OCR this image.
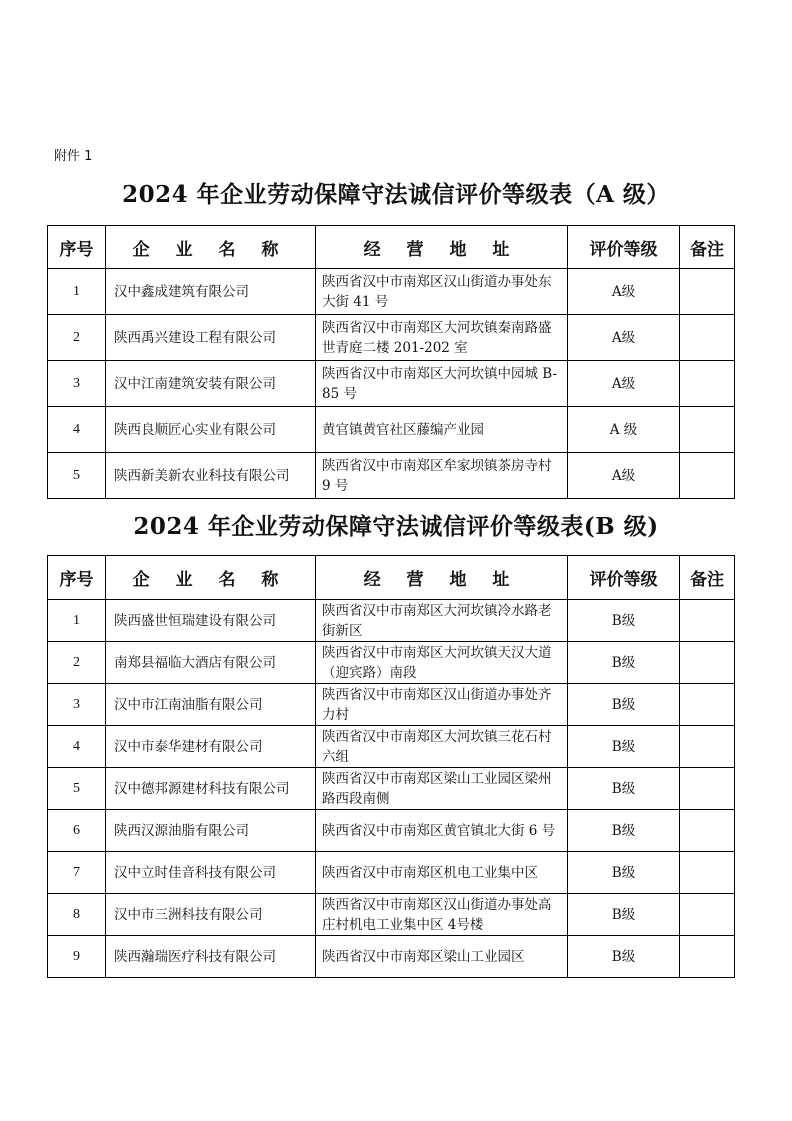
附件 1
2024 年企业劳动保障守法诚信评价等级表（A 级）
序号	企 业 名 称	经 营 地 址	评价等级	备注
1	汉中鑫成建筑有限公司	陕西省汉中市南郑区汉山街道办事处东大街 41 号	A级	
2	陕西禹兴建设工程有限公司	陕西省汉中市南郑区大河坎镇秦南路盛世青庭二楼 201-202 室	A级	
3	汉中江南建筑安装有限公司	陕西省汉中市南郑区大河坎镇中园城 B-85 号	A级	
4	陕西良顺匠心实业有限公司	黄官镇黄官社区藤编产业园	A 级	
5	陕西新美新农业科技有限公司	陕西省汉中市南郑区牟家坝镇茶房寺村 9 号	A级	
2024 年企业劳动保障守法诚信评价等级表(B 级)
序号	企 业 名 称	经 营 地 址	评价等级	备注
1	陕西盛世恒瑞建设有限公司	陕西省汉中市南郑区大河坎镇冷水路老街新区	B级	
2	南郑县福临大酒店有限公司	陕西省汉中市南郑区大河坎镇天汉大道（迎宾路）南段	B级	
3	汉中市江南油脂有限公司	陕西省汉中市南郑区汉山街道办事处齐力村	B级	
4	汉中市泰华建材有限公司	陕西省汉中市南郑区大河坎镇三花石村六组	B级	
5	汉中德邦源建材科技有限公司	陕西省汉中市南郑区梁山工业园区梁州路西段南侧	B级	
6	陕西汉源油脂有限公司	陕西省汉中市南郑区黄官镇北大街 6 号	B级	
7	汉中立时佳音科技有限公司	陕西省汉中市南郑区机电工业集中区	B级	
8	汉中市三洲科技有限公司	陕西省汉中市南郑区汉山街道办事处高庄村机电工业集中区 4号楼	B级	
9	陕西瀚瑞医疗科技有限公司	陕西省汉中市南郑区梁山工业园区	B级	
